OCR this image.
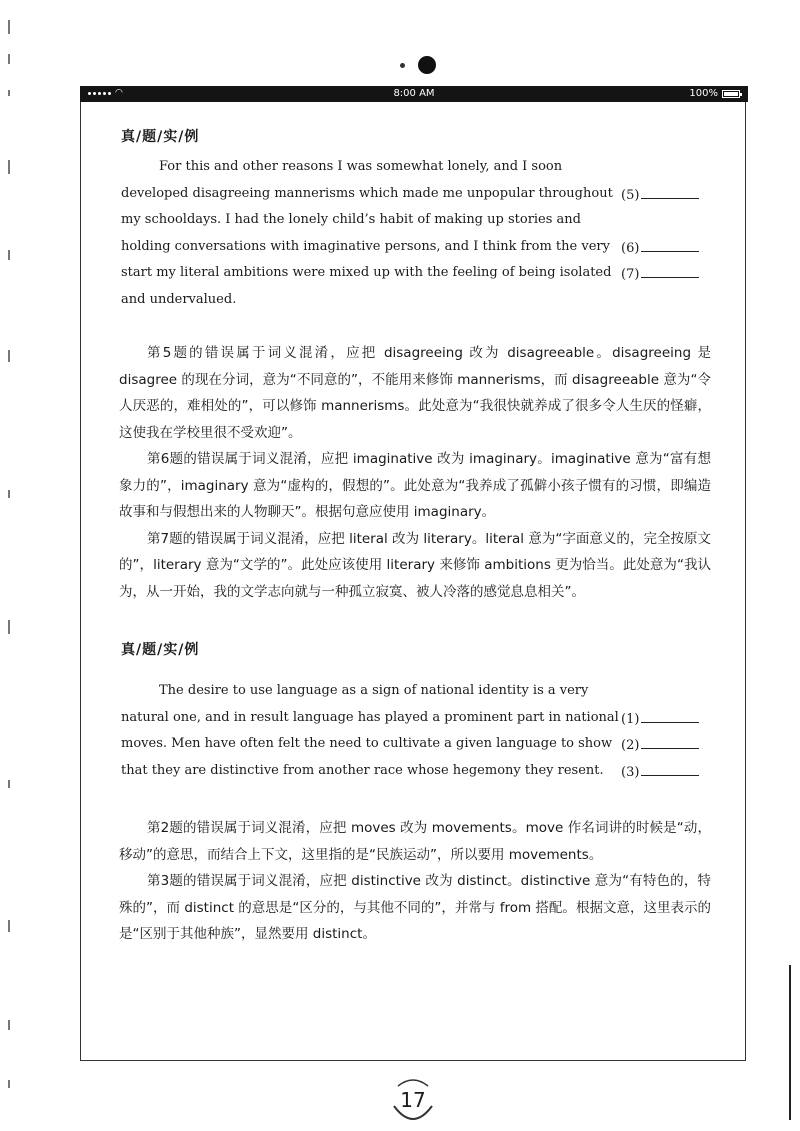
◠	8:00 AM	100%
真/题/实/例

For this and other reasons I was somewhat lonely, and I soon

developed disagreeing mannerisms which made me unpopular throughout

my schooldays. I had the lonely child’s habit of making up stories and

holding conversations with imaginative persons, and I think from the very

start my literal ambitions were mixed up with the feeling of being isolated

and undervalued.

(5)
(6)
(7)

第5题的错误属于词义混淆，应把 disagreeing 改为 disagreeable。disagreeing 是 disagree 的现在分词，意为“不同意的”，不能用来修饰 mannerisms，而 disagreeable 意为“令人厌恶的，难相处的”，可以修饰 mannerisms。此处意为“我很快就养成了很多令人生厌的怪癖，这使我在学校里很不受欢迎”。

第6题的错误属于词义混淆，应把 imaginative 改为 imaginary。imaginative 意为“富有想象力的”，imaginary 意为“虚构的，假想的”。此处意为“我养成了孤僻小孩子惯有的习惯，即编造故事和与假想出来的人物聊天”。根据句意应使用 imaginary。

第7题的错误属于词义混淆，应把 literal 改为 literary。literal 意为“字面意义的，完全按原文的”，literary 意为“文学的”。此处应该使用 literary 来修饰 ambitions 更为恰当。此处意为“我认为，从一开始，我的文学志向就与一种孤立寂寞、被人冷落的感觉息息相关”。

真/题/实/例

The desire to use language as a sign of national identity is a very

natural one, and in result language has played a prominent part in national

moves. Men have often felt the need to cultivate a given language to show

that they are distinctive from another race whose hegemony they resent.

(1)
(2)
(3)

第2题的错误属于词义混淆，应把 moves 改为 movements。move 作名词讲的时候是“动，移动”的意思，而结合上下文，这里指的是“民族运动”，所以要用 movements。

第3题的错误属于词义混淆，应把 distinctive 改为 distinct。distinctive 意为“有特色的，特殊的”，而 distinct 的意思是“区分的，与其他不同的”，并常与 from 搭配。根据文意，这里表示的是“区别于其他种族”，显然要用 distinct。

17
